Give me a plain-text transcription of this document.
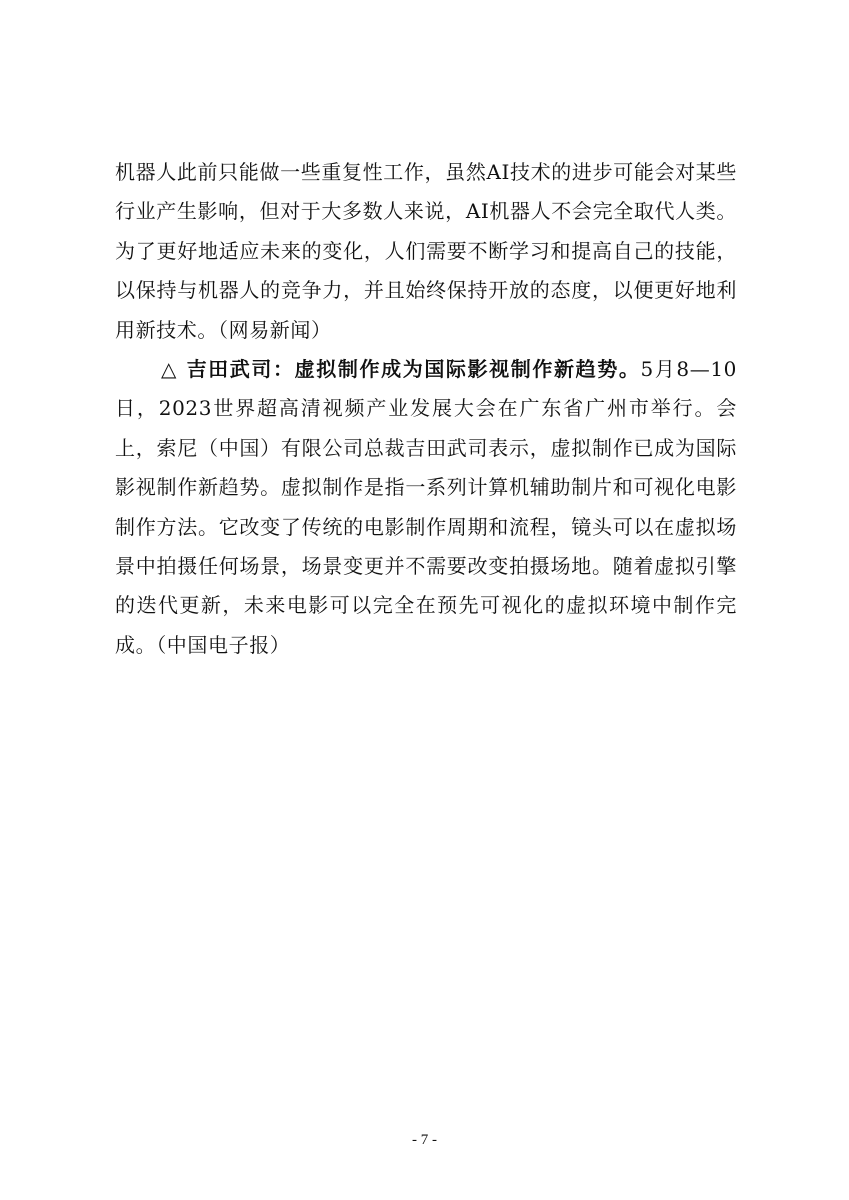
机器人此前只能做一些重复性工作，虽然AI技术的进步可能会对某些行业产生影响，但对于大多数人来说，AI机器人不会完全取代人类。为了更好地适应未来的变化，人们需要不断学习和提高自己的技能，以保持与机器人的竞争力，并且始终保持开放的态度，以便更好地利用新技术。（网易新闻）

△ 吉田武司：虚拟制作成为国际影视制作新趋势。5月8—10日，2023世界超高清视频产业发展大会在广东省广州市举行。会上，索尼（中国）有限公司总裁吉田武司表示，虚拟制作已成为国际影视制作新趋势。虚拟制作是指一系列计算机辅助制片和可视化电影制作方法。它改变了传统的电影制作周期和流程，镜头可以在虚拟场景中拍摄任何场景，场景变更并不需要改变拍摄场地。随着虚拟引擎的迭代更新，未来电影可以完全在预先可视化的虚拟环境中制作完成。（中国电子报）

- 7 -
